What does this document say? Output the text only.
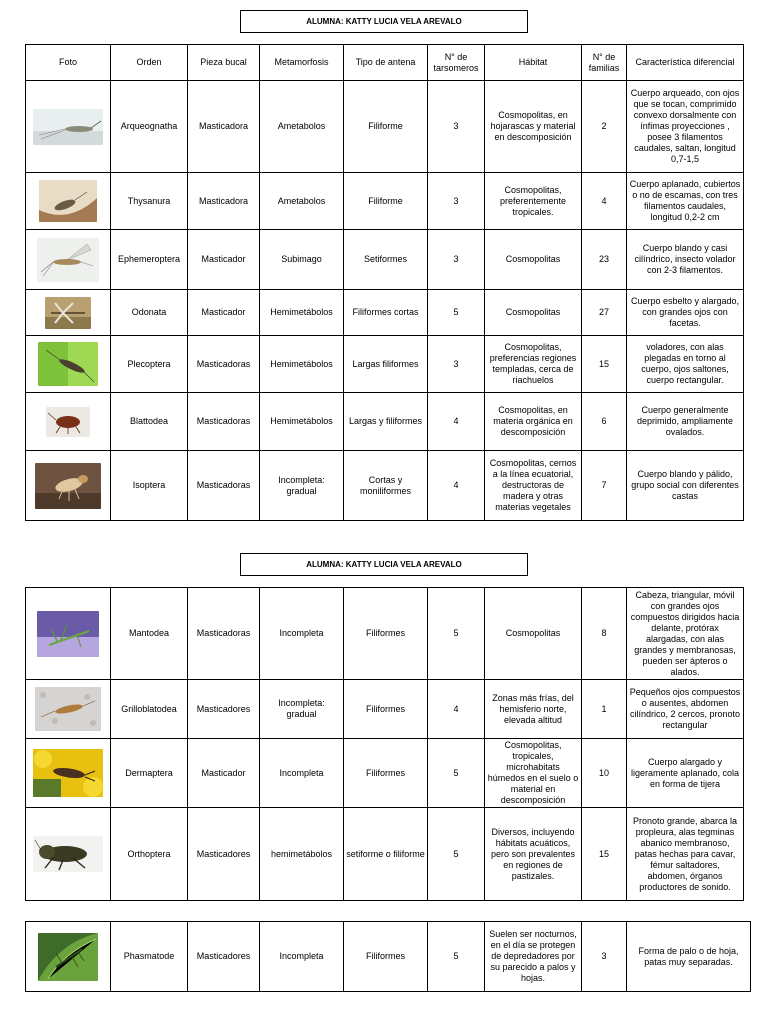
ALUMNA: KATTY LUCIA VELA AREVALO
ALUMNA: KATTY LUCIA VELA AREVALO
Foto	Orden	Pieza bucal	Metamorfosis	Tipo de antena	N° de tarsomeros	Hábitat	N° de familias	Característica diferencial

	Arqueognatha	Masticadora	Ametabolos	Filiforme	3	Cosmopolitas, en hojarascas y material en descomposición	2	Cuerpo arqueado, con ojos que se tocan, comprimido convexo dorsalmente con ínfimas proyecciones , posee 3 filamentos caudales, saltan, longitud 0,7-1,5

	Thysanura	Masticadora	Ametabolos	Filiforme	3	Cosmopolitas, preferentemente tropicales.	4	Cuerpo aplanado, cubiertos o no de escamas, con tres filamentos caudales, longitud 0,2-2 cm

	Ephemeroptera	Masticador	Subimago	Setiformes	3	Cosmopolitas	23	Cuerpo blando y casi cilíndrico, insecto volador con 2-3 filamentos.

	Odonata	Masticador	Hemimetábolos	Filiformes cortas	5	Cosmopolitas	27	Cuerpo esbelto y alargado, con grandes ojos con facetas.

	Plecoptera	Masticadoras	Hemimetábolos	Largas filiformes	3	Cosmopolitas, preferencias regiones templadas, cerca de riachuelos	15	voladores, con alas plegadas en torno al cuerpo, ojos saltones, cuerpo rectangular.

	Blattodea	Masticadoras	Hemimetábolos	Largas y filiformes	4	Cosmopolitas, en materia orgánica en descomposición	6	Cuerpo generalmente deprimido, ampliamente ovalados.

	Isoptera	Masticadoras	Incompleta: gradual	Cortas y moniliformes	4	Cosmopolitas, cernos a la línea ecuatorial, destructoras de madera y otras materias vegetales	7	Cuerpo blando y pálido, grupo social con diferentes castas
	Mantodea	Masticadoras	Incompleta	Filiformes	5	Cosmopolitas	8	Cabeza, triangular, móvil con grandes ojos compuestos dirigidos hacia delante, protórax alargadas, con alas grandes y membranosas, pueden ser ápteros o alados.

	Grilloblatodea	Masticadores	Incompleta: gradual	Filiformes	4	Zonas más frías, del hemisferio norte, elevada altitud	1	Pequeños ojos compuestos o ausentes, abdomen cilíndrico, 2 cercos, pronoto rectangular

	Dermaptera	Masticador	Incompleta	Filiformes	5	Cosmopolitas, tropicales, microhabitats húmedos en el suelo o material en descomposición	10	Cuerpo alargado y ligeramente aplanado, cola en forma de tijera

	Orthoptera	Masticadores	hemimetábolos	setiforme o filiforme	5	Diversos, incluyendo hábitats acuáticos, pero son prevalentes en regiones de pastizales.	15	Pronoto grande, abarca la propleura, alas tegminas abanico membranoso, patas hechas para cavar, fémur saltadores, abdomen, órganos productores de sonido.
	Phasmatode	Masticadores	Incompleta	Filiformes	5	Suelen ser nocturnos, en el día se protegen de depredadores por su parecido a palos y hojas.	3	Forma de palo o de hoja, patas muy separadas.
